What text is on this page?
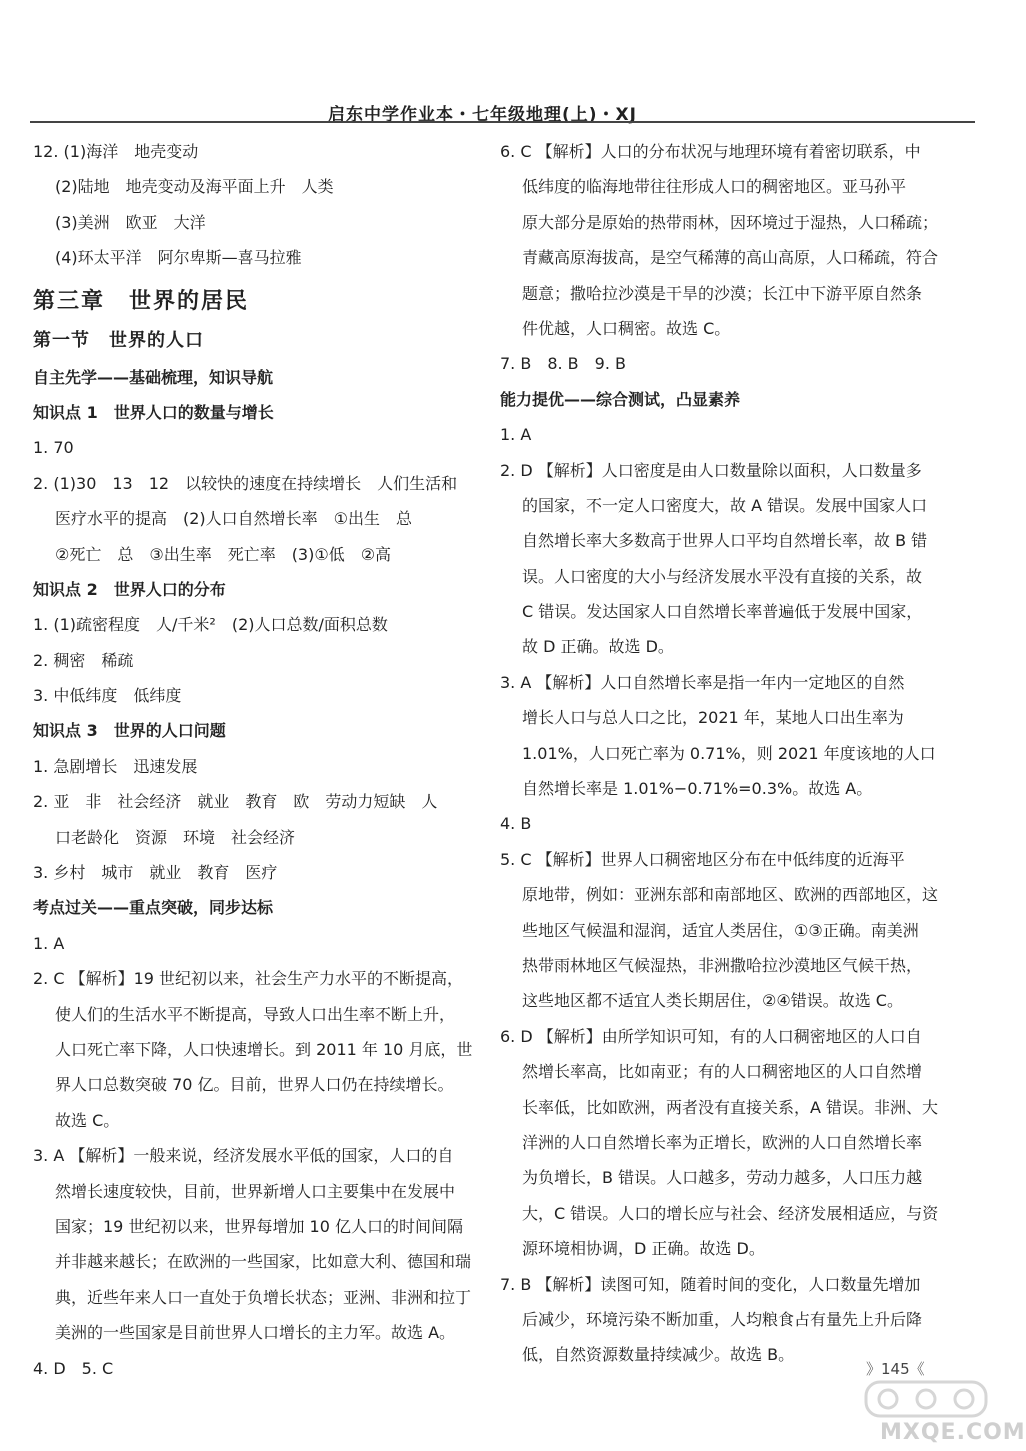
启东中学作业本・七年级地理(上)・XJ
12. (1)海洋　地壳变动
(2)陆地　地壳变动及海平面上升　人类
(3)美洲　欧亚　大洋
(4)环太平洋　阿尔卑斯—喜马拉雅
第三章　世界的居民
第一节　世界的人口
自主先学——基础梳理，知识导航
知识点 1　世界人口的数量与增长
1. 70
2. (1)30　13　12　以较快的速度在持续增长　人们生活和
医疗水平的提高　(2)人口自然增长率　①出生　总
②死亡　总　③出生率　死亡率　(3)①低　②高
知识点 2　世界人口的分布
1. (1)疏密程度　人/千米²　(2)人口总数/面积总数
2. 稠密　稀疏
3. 中低纬度　低纬度
知识点 3　世界的人口问题
1. 急剧增长　迅速发展
2. 亚　非　社会经济　就业　教育　欧　劳动力短缺　人
口老龄化　资源　环境　社会经济
3. 乡村　城市　就业　教育　医疗
考点过关——重点突破，同步达标
1. A
2. C 【解析】19 世纪初以来，社会生产力水平的不断提高，
使人们的生活水平不断提高，导致人口出生率不断上升，
人口死亡率下降，人口快速增长。到 2011 年 10 月底，世
界人口总数突破 70 亿。目前，世界人口仍在持续增长。
故选 C。
3. A 【解析】一般来说，经济发展水平低的国家，人口的自
然增长速度较快，目前，世界新增人口主要集中在发展中
国家；19 世纪初以来，世界每增加 10 亿人口的时间间隔
并非越来越长；在欧洲的一些国家，比如意大利、德国和瑞
典，近些年来人口一直处于负增长状态；亚洲、非洲和拉丁
美洲的一些国家是目前世界人口增长的主力军。故选 A。
4. D　5. C
6. C 【解析】人口的分布状况与地理环境有着密切联系，中
低纬度的临海地带往往形成人口的稠密地区。亚马孙平
原大部分是原始的热带雨林，因环境过于湿热，人口稀疏；
青藏高原海拔高，是空气稀薄的高山高原，人口稀疏，符合
题意；撒哈拉沙漠是干旱的沙漠；长江中下游平原自然条
件优越，人口稠密。故选 C。
7. B　8. B　9. B
能力提优——综合测试，凸显素养
1. A
2. D 【解析】人口密度是由人口数量除以面积，人口数量多
的国家，不一定人口密度大，故 A 错误。发展中国家人口
自然增长率大多数高于世界人口平均自然增长率，故 B 错
误。人口密度的大小与经济发展水平没有直接的关系，故
C 错误。发达国家人口自然增长率普遍低于发展中国家，
故 D 正确。故选 D。
3. A 【解析】人口自然增长率是指一年内一定地区的自然
增长人口与总人口之比，2021 年，某地人口出生率为
1.01%，人口死亡率为 0.71%，则 2021 年度该地的人口
自然增长率是 1.01%−0.71%=0.3%。故选 A。
4. B
5. C 【解析】世界人口稠密地区分布在中低纬度的近海平
原地带，例如：亚洲东部和南部地区、欧洲的西部地区，这
些地区气候温和湿润，适宜人类居住，①③正确。南美洲
热带雨林地区气候湿热，非洲撒哈拉沙漠地区气候干热，
这些地区都不适宜人类长期居住，②④错误。故选 C。
6. D 【解析】由所学知识可知，有的人口稠密地区的人口自
然增长率高，比如南亚；有的人口稠密地区的人口自然增
长率低，比如欧洲，两者没有直接关系，A 错误。非洲、大
洋洲的人口自然增长率为正增长，欧洲的人口自然增长率
为负增长，B 错误。人口越多，劳动力越多，人口压力越
大，C 错误。人口的增长应与社会、经济发展相适应，与资
源环境相协调，D 正确。故选 D。
7. B 【解析】读图可知，随着时间的变化，人口数量先增加
后减少，环境污染不断加重，人均粮食占有量先上升后降
低，自然资源数量持续减少。故选 B。
》145《
MXQE.COM
